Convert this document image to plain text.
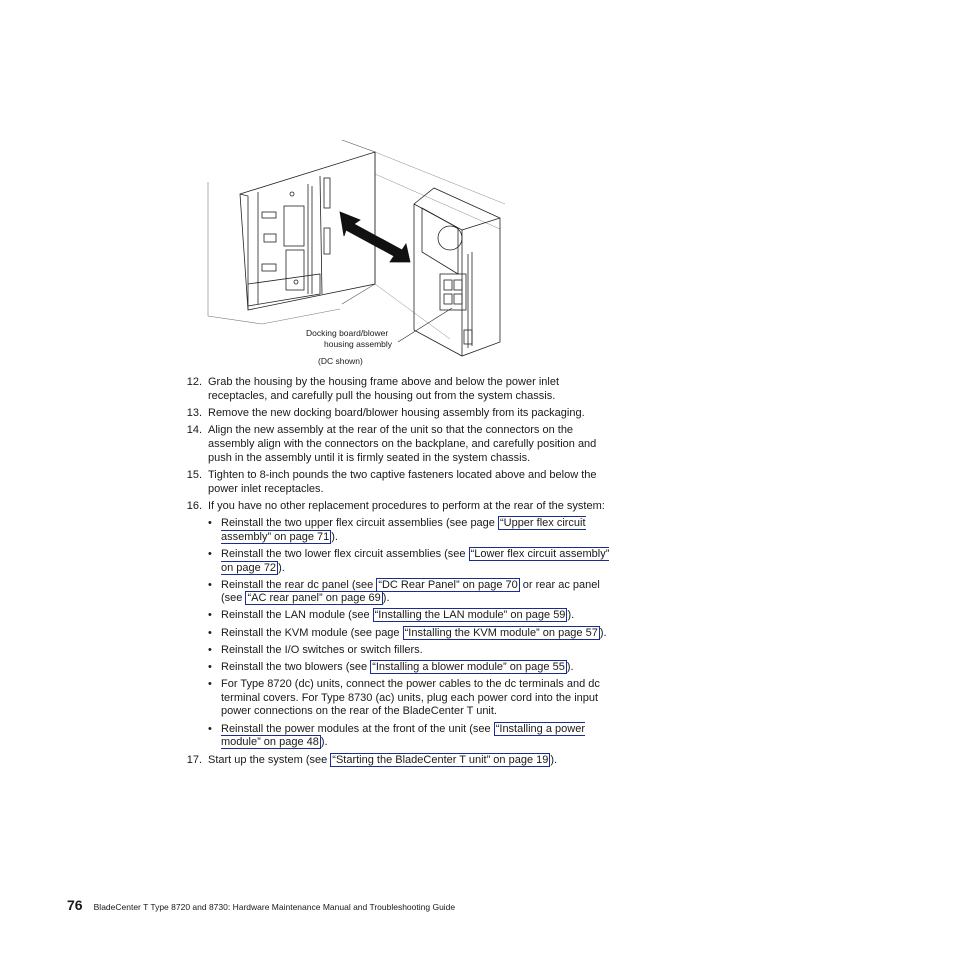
Docking board/blower
housing assembly
(DC shown)
12. Grab the housing by the housing frame above and below the power inlet receptacles, and carefully pull the housing out from the system chassis.
13. Remove the new docking board/blower housing assembly from its packaging.
14. Align the new assembly at the rear of the unit so that the connectors on the assembly align with the connectors on the backplane, and carefully position and push in the assembly until it is firmly seated in the system chassis.
15. Tighten to 8-inch pounds the two captive fasteners located above and below the power inlet receptacles.
16. If you have no other replacement procedures to perform at the rear of the system:
• Reinstall the two upper flex circuit assemblies (see page “Upper flex circuit assembly” on page 71 ).
• Reinstall the two lower flex circuit assemblies (see “Lower flex circuit assembly” on page 72 ).
• Reinstall the rear dc panel (see “DC Rear Panel” on page 70 or rear ac panel (see “AC rear panel” on page 69 ).
• Reinstall the LAN module (see “Installing the LAN module” on page 59 ).
• Reinstall the KVM module (see page “Installing the KVM module” on page 57 ).
• Reinstall the I/O switches or switch fillers.
• Reinstall the two blowers (see “Installing a blower module” on page 55 ).
• For Type 8720 (dc) units, connect the power cables to the dc terminals and dc terminal covers. For Type 8730 (ac) units, plug each power cord into the input power connections on the rear of the BladeCenter T unit.
• Reinstall the power modules at the front of the unit (see “Installing a power module” on page 48 ).
17. Start up the system (see “Starting the BladeCenter T unit” on page 19 ).
76 BladeCenter T Type 8720 and 8730: Hardware Maintenance Manual and Troubleshooting Guide
